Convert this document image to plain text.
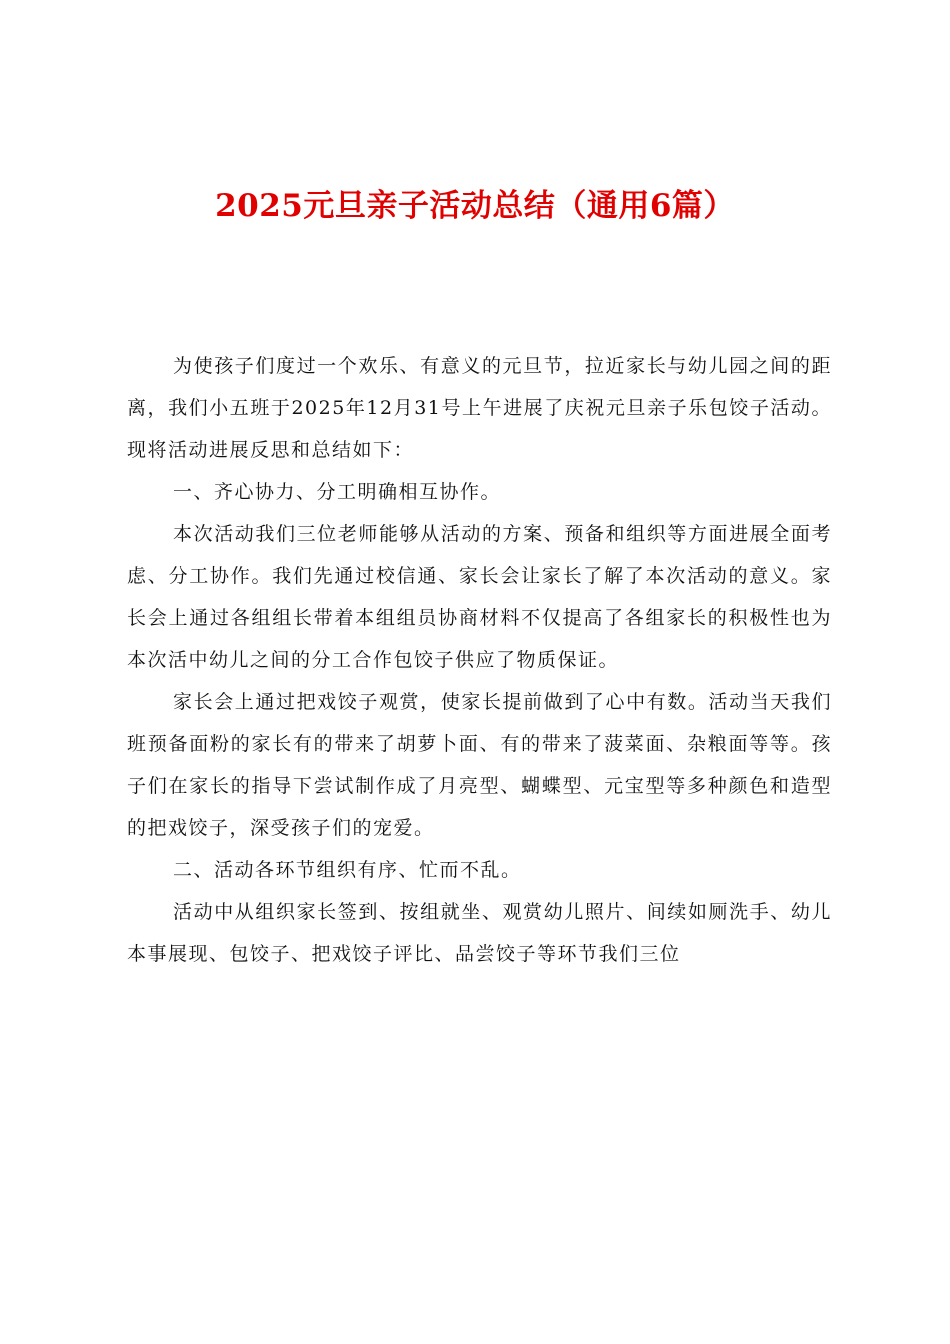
2025元旦亲子活动总结（通用6篇）

为使孩子们度过一个欢乐、有意义的元旦节，拉近家长与幼儿园之间的距离，我们小五班于2025年12月31号上午进展了庆祝元旦亲子乐包饺子活动。现将活动进展反思和总结如下：

一、齐心协力、分工明确相互协作。

本次活动我们三位老师能够从活动的方案、预备和组织等方面进展全面考虑、分工协作。我们先通过校信通、家长会让家长了解了本次活动的意义。家长会上通过各组组长带着本组组员协商材料不仅提高了各组家长的积极性也为本次活中幼儿之间的分工合作包饺子供应了物质保证。

家长会上通过把戏饺子观赏，使家长提前做到了心中有数。活动当天我们班预备面粉的家长有的带来了胡萝卜面、有的带来了菠菜面、杂粮面等等。孩子们在家长的指导下尝试制作成了月亮型、蝴蝶型、元宝型等多种颜色和造型的把戏饺子，深受孩子们的宠爱。

二、活动各环节组织有序、忙而不乱。

活动中从组织家长签到、按组就坐、观赏幼儿照片、间续如厕洗手、幼儿本事展现、包饺子、把戏饺子评比、品尝饺子等环节我们三位
